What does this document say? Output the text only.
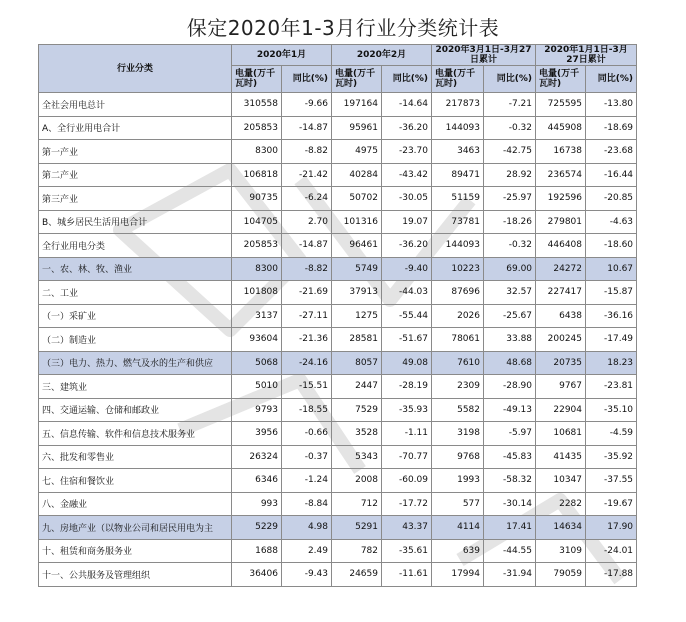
保定2020年1-3月行业分类统计表
行业分类	2020年1月		2020年2月		2020年3月1日-3月27日累计		2020年1月1日-3月27日累计	
	电量(万千瓦时)	同比(%)	电量(万千瓦时)	同比(%)	电量(万千瓦时)	同比(%)	电量(万千瓦时)	同比(%)
全社会用电总计	310558	-9.66	197164	-14.64	217873	-7.21	725595	-13.80
A、全行业用电合计	205853	-14.87	95961	-36.20	144093	-0.32	445908	-18.69
第一产业	8300	-8.82	4975	-23.70	3463	-42.75	16738	-23.68
第二产业	106818	-21.42	40284	-43.42	89471	28.92	236574	-16.44
第三产业	90735	-6.24	50702	-30.05	51159	-25.97	192596	-20.85
B、城乡居民生活用电合计	104705	2.70	101316	19.07	73781	-18.26	279801	-4.63
全行业用电分类	205853	-14.87	96461	-36.20	144093	-0.32	446408	-18.60
一、农、林、牧、渔业	8300	-8.82	5749	-9.40	10223	69.00	24272	10.67
二、工业	101808	-21.69	37913	-44.03	87696	32.57	227417	-15.87
（一）采矿业	3137	-27.11	1275	-55.44	2026	-25.67	6438	-36.16
（二）制造业	93604	-21.36	28581	-51.67	78061	33.88	200245	-17.49
（三）电力、热力、燃气及水的生产和供应	5068	-24.16	8057	49.08	7610	48.68	20735	18.23
三、建筑业	5010	-15.51	2447	-28.19	2309	-28.90	9767	-23.81
四、交通运输、仓储和邮政业	9793	-18.55	7529	-35.93	5582	-49.13	22904	-35.10
五、信息传输、软件和信息技术服务业	3956	-0.66	3528	-1.11	3198	-5.97	10681	-4.59
六、批发和零售业	26324	-0.37	5343	-70.77	9768	-45.83	41435	-35.92
七、住宿和餐饮业	6346	-1.24	2008	-60.09	1993	-58.32	10347	-37.55
八、金融业	993	-8.84	712	-17.72	577	-30.14	2282	-19.67
九、房地产业（以物业公司和居民用电为主	5229	4.98	5291	43.37	4114	17.41	14634	17.90
十、租赁和商务服务业	1688	2.49	782	-35.61	639	-44.55	3109	-24.01
十一、公共服务及管理组织	36406	-9.43	24659	-11.61	17994	-31.94	79059	-17.88
